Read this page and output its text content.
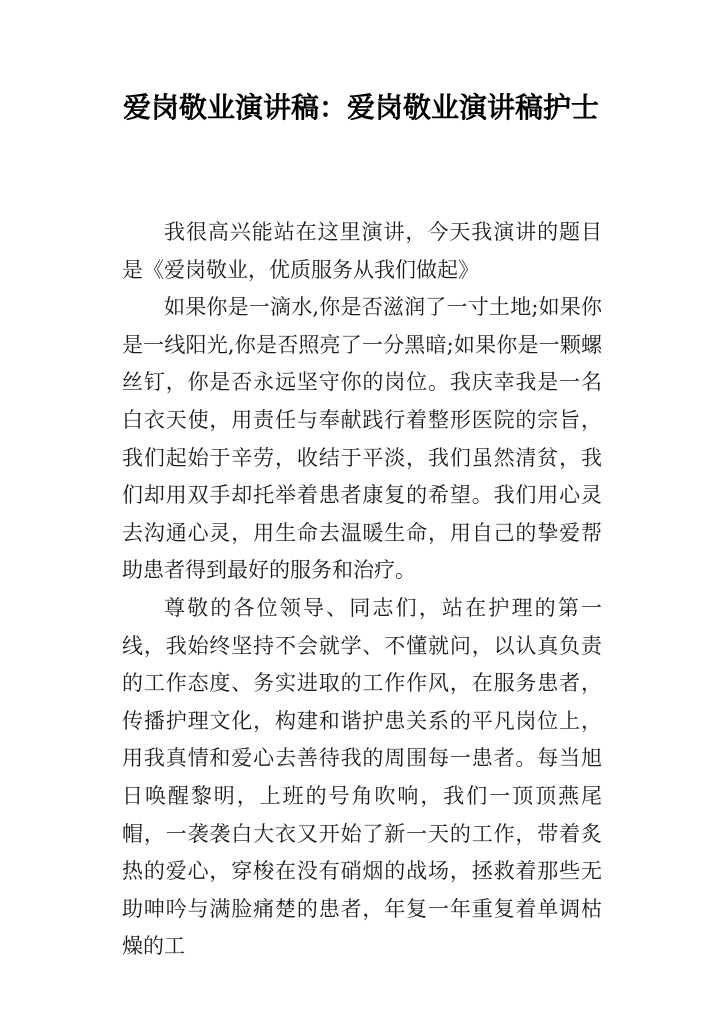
爱岗敬业演讲稿：爱岗敬业演讲稿护士

我很高兴能站在这里演讲，今天我演讲的题目是《爱岗敬业，优质服务从我们做起》

如果你是一滴水,你是否滋润了一寸土地;如果你是一线阳光,你是否照亮了一分黑暗;如果你是一颗螺丝钉，你是否永远坚守你的岗位。我庆幸我是一名白衣天使，用责任与奉献践行着整形医院的宗旨，我们起始于辛劳，收结于平淡，我们虽然清贫，我们却用双手却托举着患者康复的希望。我们用心灵去沟通心灵，用生命去温暖生命，用自己的挚爱帮助患者得到最好的服务和治疗。

尊敬的各位领导、同志们，站在护理的第一线，我始终坚持不会就学、不懂就问，以认真负责的工作态度、务实进取的工作作风，在服务患者，传播护理文化，构建和谐护患关系的平凡岗位上，用我真情和爱心去善待我的周围每一患者。每当旭日唤醒黎明，上班的号角吹响，我们一顶顶燕尾帽，一袭袭白大衣又开始了新一天的工作，带着炙热的爱心，穿梭在没有硝烟的战场，拯救着那些无助呻吟与满脸痛楚的患者，年复一年重复着单调枯燥的工
